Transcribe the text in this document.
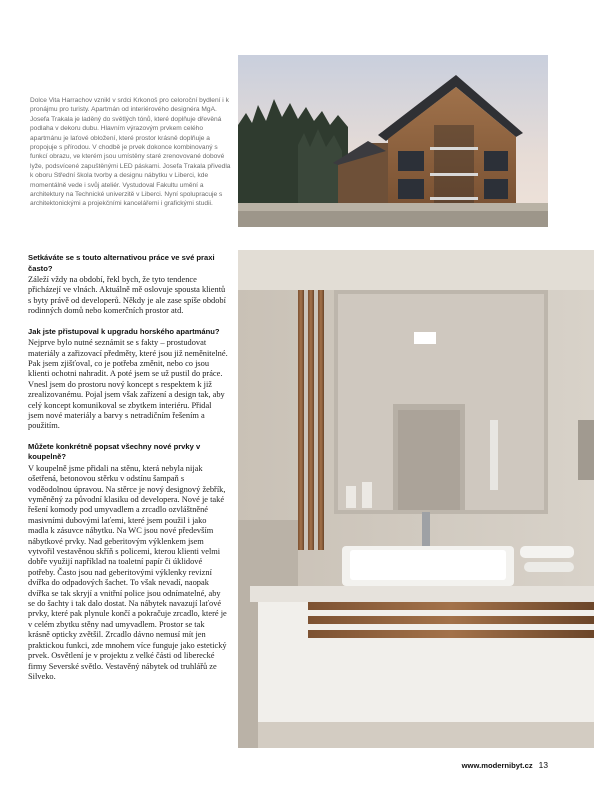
Dolce Vita Harrachov vznikl v srdci Krkonoš pro celoroční bydlení i k pronájmu pro turisty. Apartmán od interiérového designéra MgA. Josefa Trakala je laděný do světlých tónů, které doplňuje dřevěná podlaha v dekoru dubu. Hlavním výrazovým prvkem celého apartmánu je laťové obložení, které prostor krásně doplňuje a propojuje s přírodou. V chodbě je prvek dokonce kombinovaný s funkcí obrazu, ve kterém jsou umístěny staré zrenovované dobové lyže, podsvícené zapuštěnými LED páskami. Josefa Trakala přivedla k oboru Střední škola tvorby a designu nábytku v Liberci, kde momentálně vede i svůj ateliér. Vystudoval Fakultu umění a architektury na Technické univerzitě v Liberci. Nyní spolupracuje s architektonickými a projekčními kancelářemi i grafickými studii.

Setkáváte se s touto alternativou práce ve své praxi často?

Záleží vždy na období, řekl bych, že tyto tendence přicházejí ve vlnách. Aktuálně mě oslovuje spousta klientů s byty právě od developerů. Někdy je ale zase spíše období rodinných domů nebo komerčních prostor atd.

Jak jste přistupoval k upgradu horského apartmánu?

Nejprve bylo nutné seznámit se s fakty – prostudovat materiály a zařizovací předměty, které jsou již neměnitelné. Pak jsem zjišťoval, co je potřeba změnit, nebo co jsou klienti ochotni nahradit. A poté jsem se už pustil do práce. Vnesl jsem do prostoru nový koncept s respektem k již zrealizovanému. Pojal jsem však zařízení a design tak, aby celý koncept komunikoval se zbytkem interiéru. Přidal jsem nové materiály a barvy s netradičním řešením a použitím.

Můžete konkrétně popsat všechny nové prvky v koupelně?

V koupelně jsme přidali na stěnu, která nebyla nijak ošetřená, betonovou stěrku v odstínu šampaň s voděodolnou úpravou. Na stěrce je nový designový žebřík, vyměněný za původní klasiku od developera. Nové je také řešení komody pod umyvadlem a zrcadlo ozvláštněné masivními dubovými laťemi, které jsem použil i jako madla k zásuvce nábytku. Na WC jsou nové především nábytkové prvky. Nad geberitovým výklenkem jsem vytvořil vestavěnou skříň s policemi, kterou klienti velmi dobře využijí například na toaletní papír či úklidové potřeby. Často jsou nad geberitovými výklenky revizní dvířka do odpadových šachet. To však nevadí, naopak dvířka se tak skryjí a vnitřní police jsou odnímatelné, aby se do šachty i tak dalo dostat. Na nábytek navazují laťové prvky, které pak plynule končí a pokračuje zrcadlo, které je v celém zbytku stěny nad umyvadlem. Prostor se tak krásně opticky zvětšil. Zrcadlo dávno nemusí mít jen praktickou funkci, zde mnohem více funguje jako estetický prvek. Osvětlení je v projektu z velké části od liberecké firmy Severské světlo. Vestavěný nábytek od truhlářů ze Silveko.

www.modernibyt.cz 13
